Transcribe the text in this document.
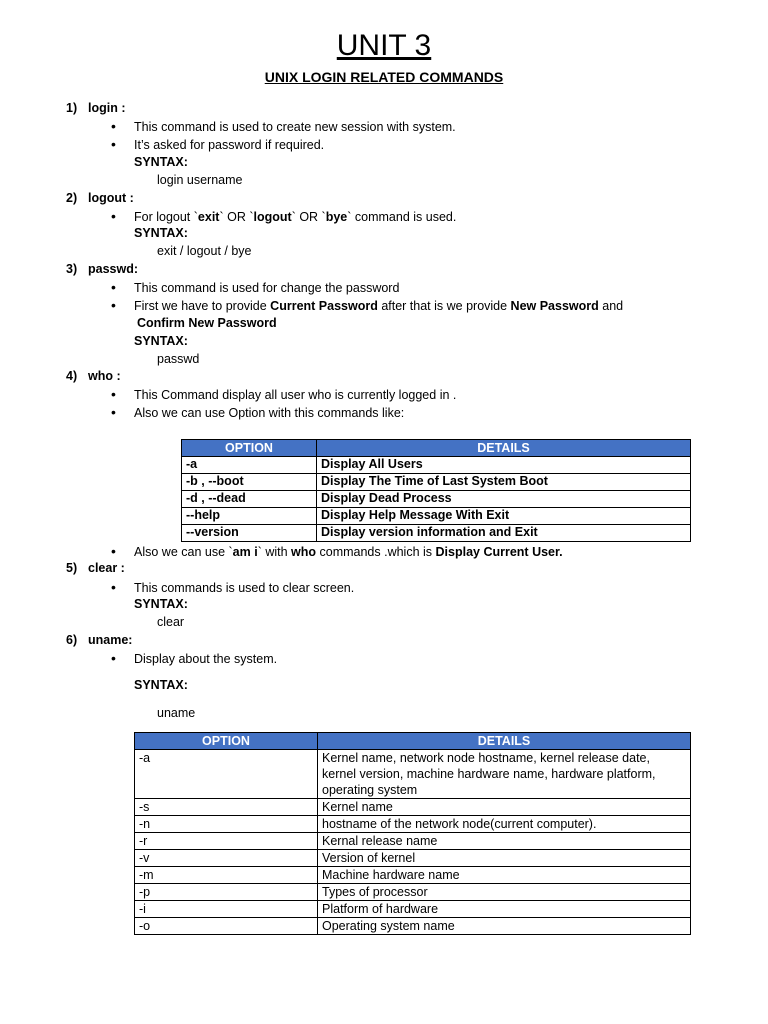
UNIT 3
UNIX LOGIN RELATED COMMANDS
1) login :
• This command is used to create new session with system.
• It’s asked for password if required.
SYNTAX:
login username
2) logout :
• For logout `exit` OR `logout` OR `bye` command is used.
SYNTAX:
exit / logout / bye
3) passwd:
• This command is used for change the password
• First we have to provide Current Password after that is we provide New Password and
Confirm New Password
SYNTAX:
passwd
4) who :
• This Command display all user who is currently logged in .
• Also we can use Option with this commands like:
OPTION	DETAILS
-a	Display All Users
-b , --boot	Display The Time of Last System Boot
-d , --dead	Display Dead Process
--help	Display Help Message With Exit
--version	Display version information and Exit
• Also we can use `am i` with who commands .which is Display Current User.
5) clear :
• This commands is used to clear screen.
SYNTAX:
clear
6) uname:
• Display about the system.
SYNTAX:
uname
OPTION	DETAILS
-a	Kernel name, network node hostname, kernel release date, kernel version, machine hardware name, hardware platform, operating system
-s	Kernel name
-n	hostname of the network node(current computer).
-r	Kernal release name
-v	Version of kernel
-m	Machine hardware name
-p	Types of processor
-i	Platform of hardware
-o	Operating system name
